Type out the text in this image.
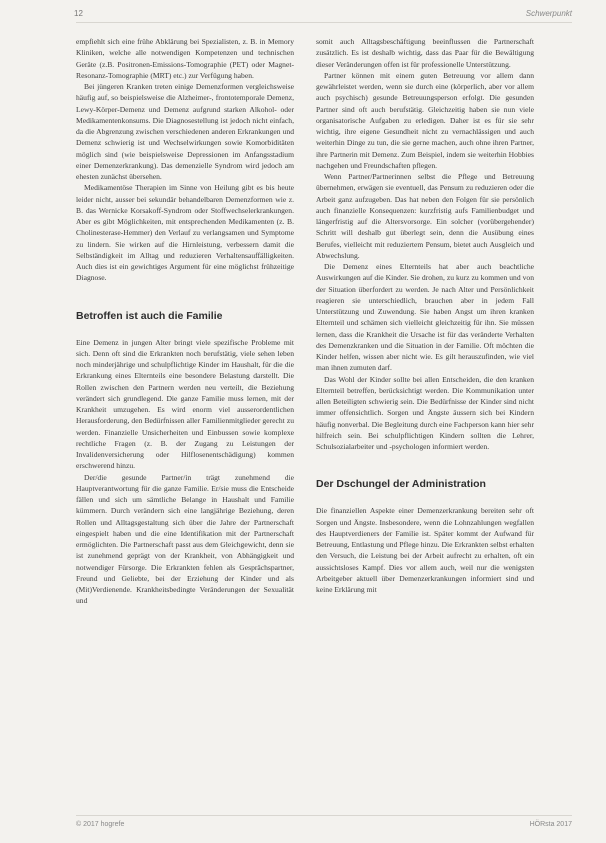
12	Schwerpunkt

empfiehlt sich eine frühe Abklärung bei Spezialisten, z. B. in Memory Kliniken, welche alle notwendigen Kompetenzen und technischen Geräte (z.B. Positronen-Emissions-Tomographie (PET) oder Magnet-Resonanz-Tomographie (MRT) etc.) zur Verfügung haben.

Bei jüngeren Kranken treten einige Demenzformen vergleichsweise häufig auf, so beispielsweise die Alzheimer-, frontotemporale Demenz, Lewy-Körper-Demenz und Demenz aufgrund starken Alkohol- oder Medikamentenkonsums. Die Diagnosestellung ist jedoch nicht einfach, da die Abgrenzung zwischen verschiedenen anderen Erkrankungen und Demenz schwierig ist und Wechselwirkungen sowie Komorbiditäten möglich sind (wie beispielsweise Depressionen im Anfangsstadium einer Demenzerkrankung). Das demenzielle Syndrom wird jedoch am ehesten zunächst übersehen.

Medikamentöse Therapien im Sinne von Heilung gibt es bis heute leider nicht, ausser bei sekundär behandelbaren Demenzformen wie z. B. das Wernicke Korsakoff-Syndrom oder Stoffwechselerkrankungen. Aber es gibt Möglichkeiten, mit entsprechenden Medikamenten (z. B. Cholinesterase-Hemmer) den Verlauf zu verlangsamen und Symptome zu lindern. Sie wirken auf die Hirnleistung, verbessern damit die Selbständigkeit im Alltag und reduzieren Verhaltensauffälligkeiten. Auch dies ist ein gewichtiges Argument für eine möglichst frühzeitige Diagnose.

Betroffen ist auch die Familie

Eine Demenz in jungen Alter bringt viele spezifische Probleme mit sich. Denn oft sind die Erkrankten noch berufstätig, viele sehen leben noch minderjährige und schulpflichtige Kinder im Haushalt, für die die Erkrankung eines Elternteils eine besondere Belastung darstellt. Die Rollen zwischen den Partnern werden neu verteilt, die Beziehung verändert sich grundlegend. Die ganze Familie muss lernen, mit der Krankheit umzugehen. Es wird enorm viel ausserordentlichen Herausforderung, den Bedürfnissen aller Familienmitglieder gerecht zu werden. Finanzielle Unsicherheiten und Einbussen sowie komplexe rechtliche Fragen (z. B. der Zugang zu Leistungen der Invalidenversicherung oder Hilflosenentschädigung) kommen erschwerend hinzu.

Der/die gesunde Partner/in trägt zunehmend die Hauptverantwortung für die ganze Familie. Er/sie muss die Entscheide fällen und sich um sämtliche Belange in Haushalt und Familie kümmern. Durch verändern sich eine langjährige Beziehung, deren Rollen und Alltagsgestaltung sich über die Jahre der Partnerschaft eingespielt haben und die eine Identifikation mit der Partnerschaft ermöglichten. Die Partnerschaft passt aus dem Gleichgewicht, denn sie ist zunehmend geprägt von der Krankheit, von Abhängigkeit und notwendiger Fürsorge. Die Erkrankten fehlen als Gesprächspartner, Freund und Geliebte, bei der Erziehung der Kinder und als (Mit)Verdienende. Krankheitsbedingte Veränderungen der Sexualität und

somit auch Alltagsbeschäftigung beeinflussen die Partnerschaft zusätzlich. Es ist deshalb wichtig, dass das Paar für die Bewältigung dieser Veränderungen offen ist für professionelle Unterstützung.

Partner können mit einem guten Betreuung vor allem dann gewährleistet werden, wenn sie durch eine (körperlich, aber vor allem auch psychisch) gesunde Betreuungsperson erfolgt. Die gesunden Partner sind oft auch berufstätig. Gleichzeitig haben sie nun viele organisatorische Aufgaben zu erledigen. Daher ist es für sie sehr wichtig, ihre eigene Gesundheit nicht zu vernachlässigen und auch weiterhin Dinge zu tun, die sie gerne machen, auch ohne ihren Partner, ihre Partnerin mit Demenz. Zum Beispiel, indem sie weiterhin Hobbies nachgehen und Freundschaften pflegen.

Wenn Partner/Partnerinnen selbst die Pflege und Betreuung übernehmen, erwägen sie eventuell, das Pensum zu reduzieren oder die Arbeit ganz aufzugeben. Das hat neben den Folgen für sie persönlich auch finanzielle Konsequenzen: kurzfristig aufs Familienbudget und längerfristig auf die Altersvorsorge. Ein solcher (vorübergehender) Schritt will deshalb gut überlegt sein, denn die Ausübung eines Berufes, vielleicht mit reduziertem Pensum, bietet auch Ausgleich und Abwechslung.

Die Demenz eines Elternteils hat aber auch beachtliche Auswirkungen auf die Kinder. Sie drohen, zu kurz zu kommen und von der Situation überfordert zu werden. Je nach Alter und Persönlichkeit reagieren sie unterschiedlich, brauchen aber in jedem Fall Unterstützung und Zuwendung. Sie haben Angst um ihren kranken Elternteil und schämen sich vielleicht gleichzeitig für ihn. Sie müssen lernen, dass die Krankheit die Ursache ist für das veränderte Verhalten des Demenzkranken und die Situation in der Familie. Oft möchten die Kinder helfen, wissen aber nicht wie. Es gilt herauszufinden, wie viel man ihnen zumuten darf.

Das Wohl der Kinder sollte bei allen Entscheiden, die den kranken Elternteil betreffen, berücksichtigt werden. Die Kommunikation unter allen Beteiligten schwierig sein. Die Bedürfnisse der Kinder sind nicht immer offensichtlich. Sorgen und Ängste äussern sich bei Kindern häufig nonverbal. Die Begleitung durch eine Fachperson kann hier sehr hilfreich sein. Bei schulpflichtigen Kindern sollten die Lehrer, Schulsozialarbeiter und -psychologen informiert werden.

Der Dschungel der Administration

Die finanziellen Aspekte einer Demenzerkrankung bereiten sehr oft Sorgen und Ängste. Insbesondere, wenn die Lohnzahlungen wegfallen des Hauptverdieners der Familie ist. Später kommt der Aufwand für Betreuung, Entlastung und Pflege hinzu. Die Erkrankten selbst erhalten den Versuch, die Leistung bei der Arbeit aufrecht zu erhalten, oft ein aussichtsloses Kampf. Dies vor allem auch, weil nur die wenigsten Arbeitgeber aktuell über Demenzerkrankungen informiert sind und keine Erklärung mit

© 2017 hogrefe	HÖRsta 2017
